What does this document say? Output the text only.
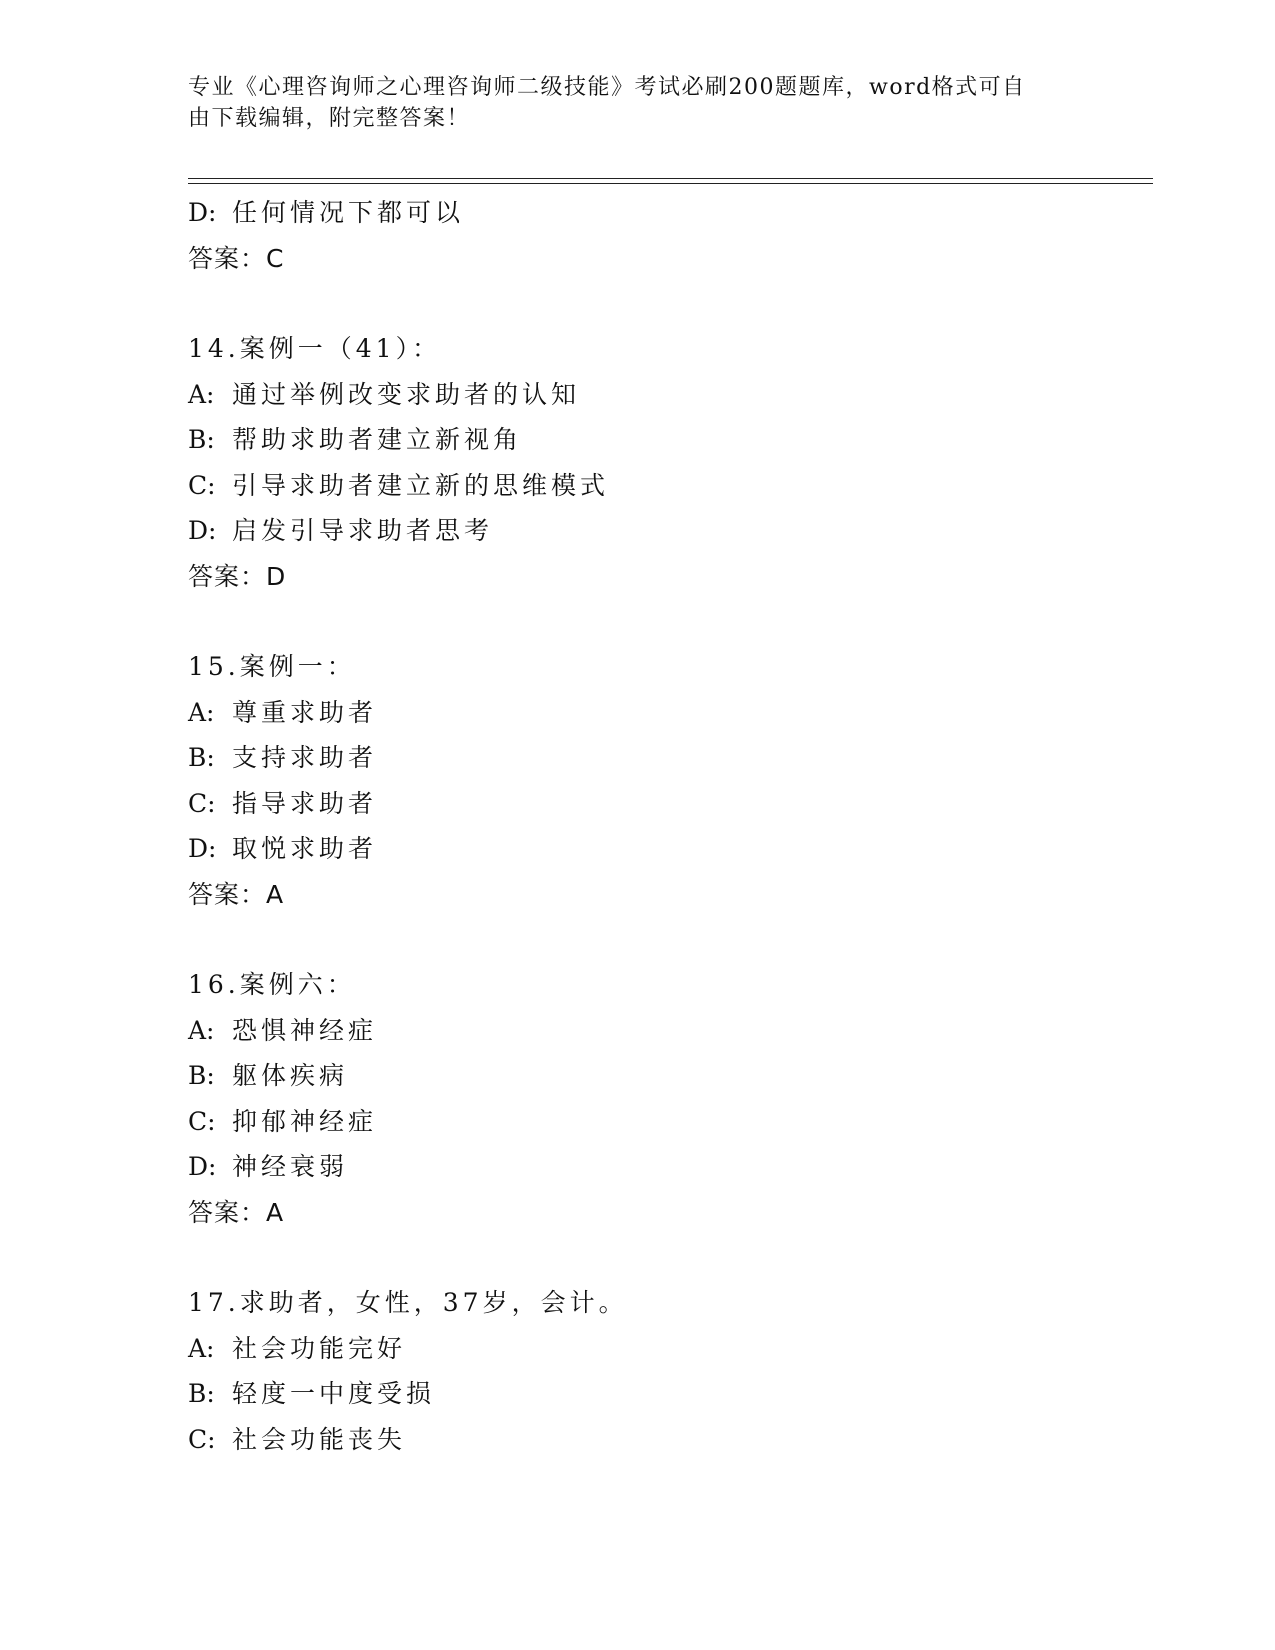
专业《心理咨询师之心理咨询师二级技能》考试必刷200题题库，word格式可自
由下载编辑，附完整答案！
D: 任何情况下都可以
答案：C
14.案例一（41）：
A: 通过举例改变求助者的认知
B: 帮助求助者建立新视角
C: 引导求助者建立新的思维模式
D: 启发引导求助者思考
答案：D
15.案例一：
A: 尊重求助者
B: 支持求助者
C: 指导求助者
D: 取悦求助者
答案：A
16.案例六：
A: 恐惧神经症
B: 躯体疾病
C: 抑郁神经症
D: 神经衰弱
答案：A
17.求助者，女性，37岁，会计。
A: 社会功能完好
B: 轻度一中度受损
C: 社会功能丧失
